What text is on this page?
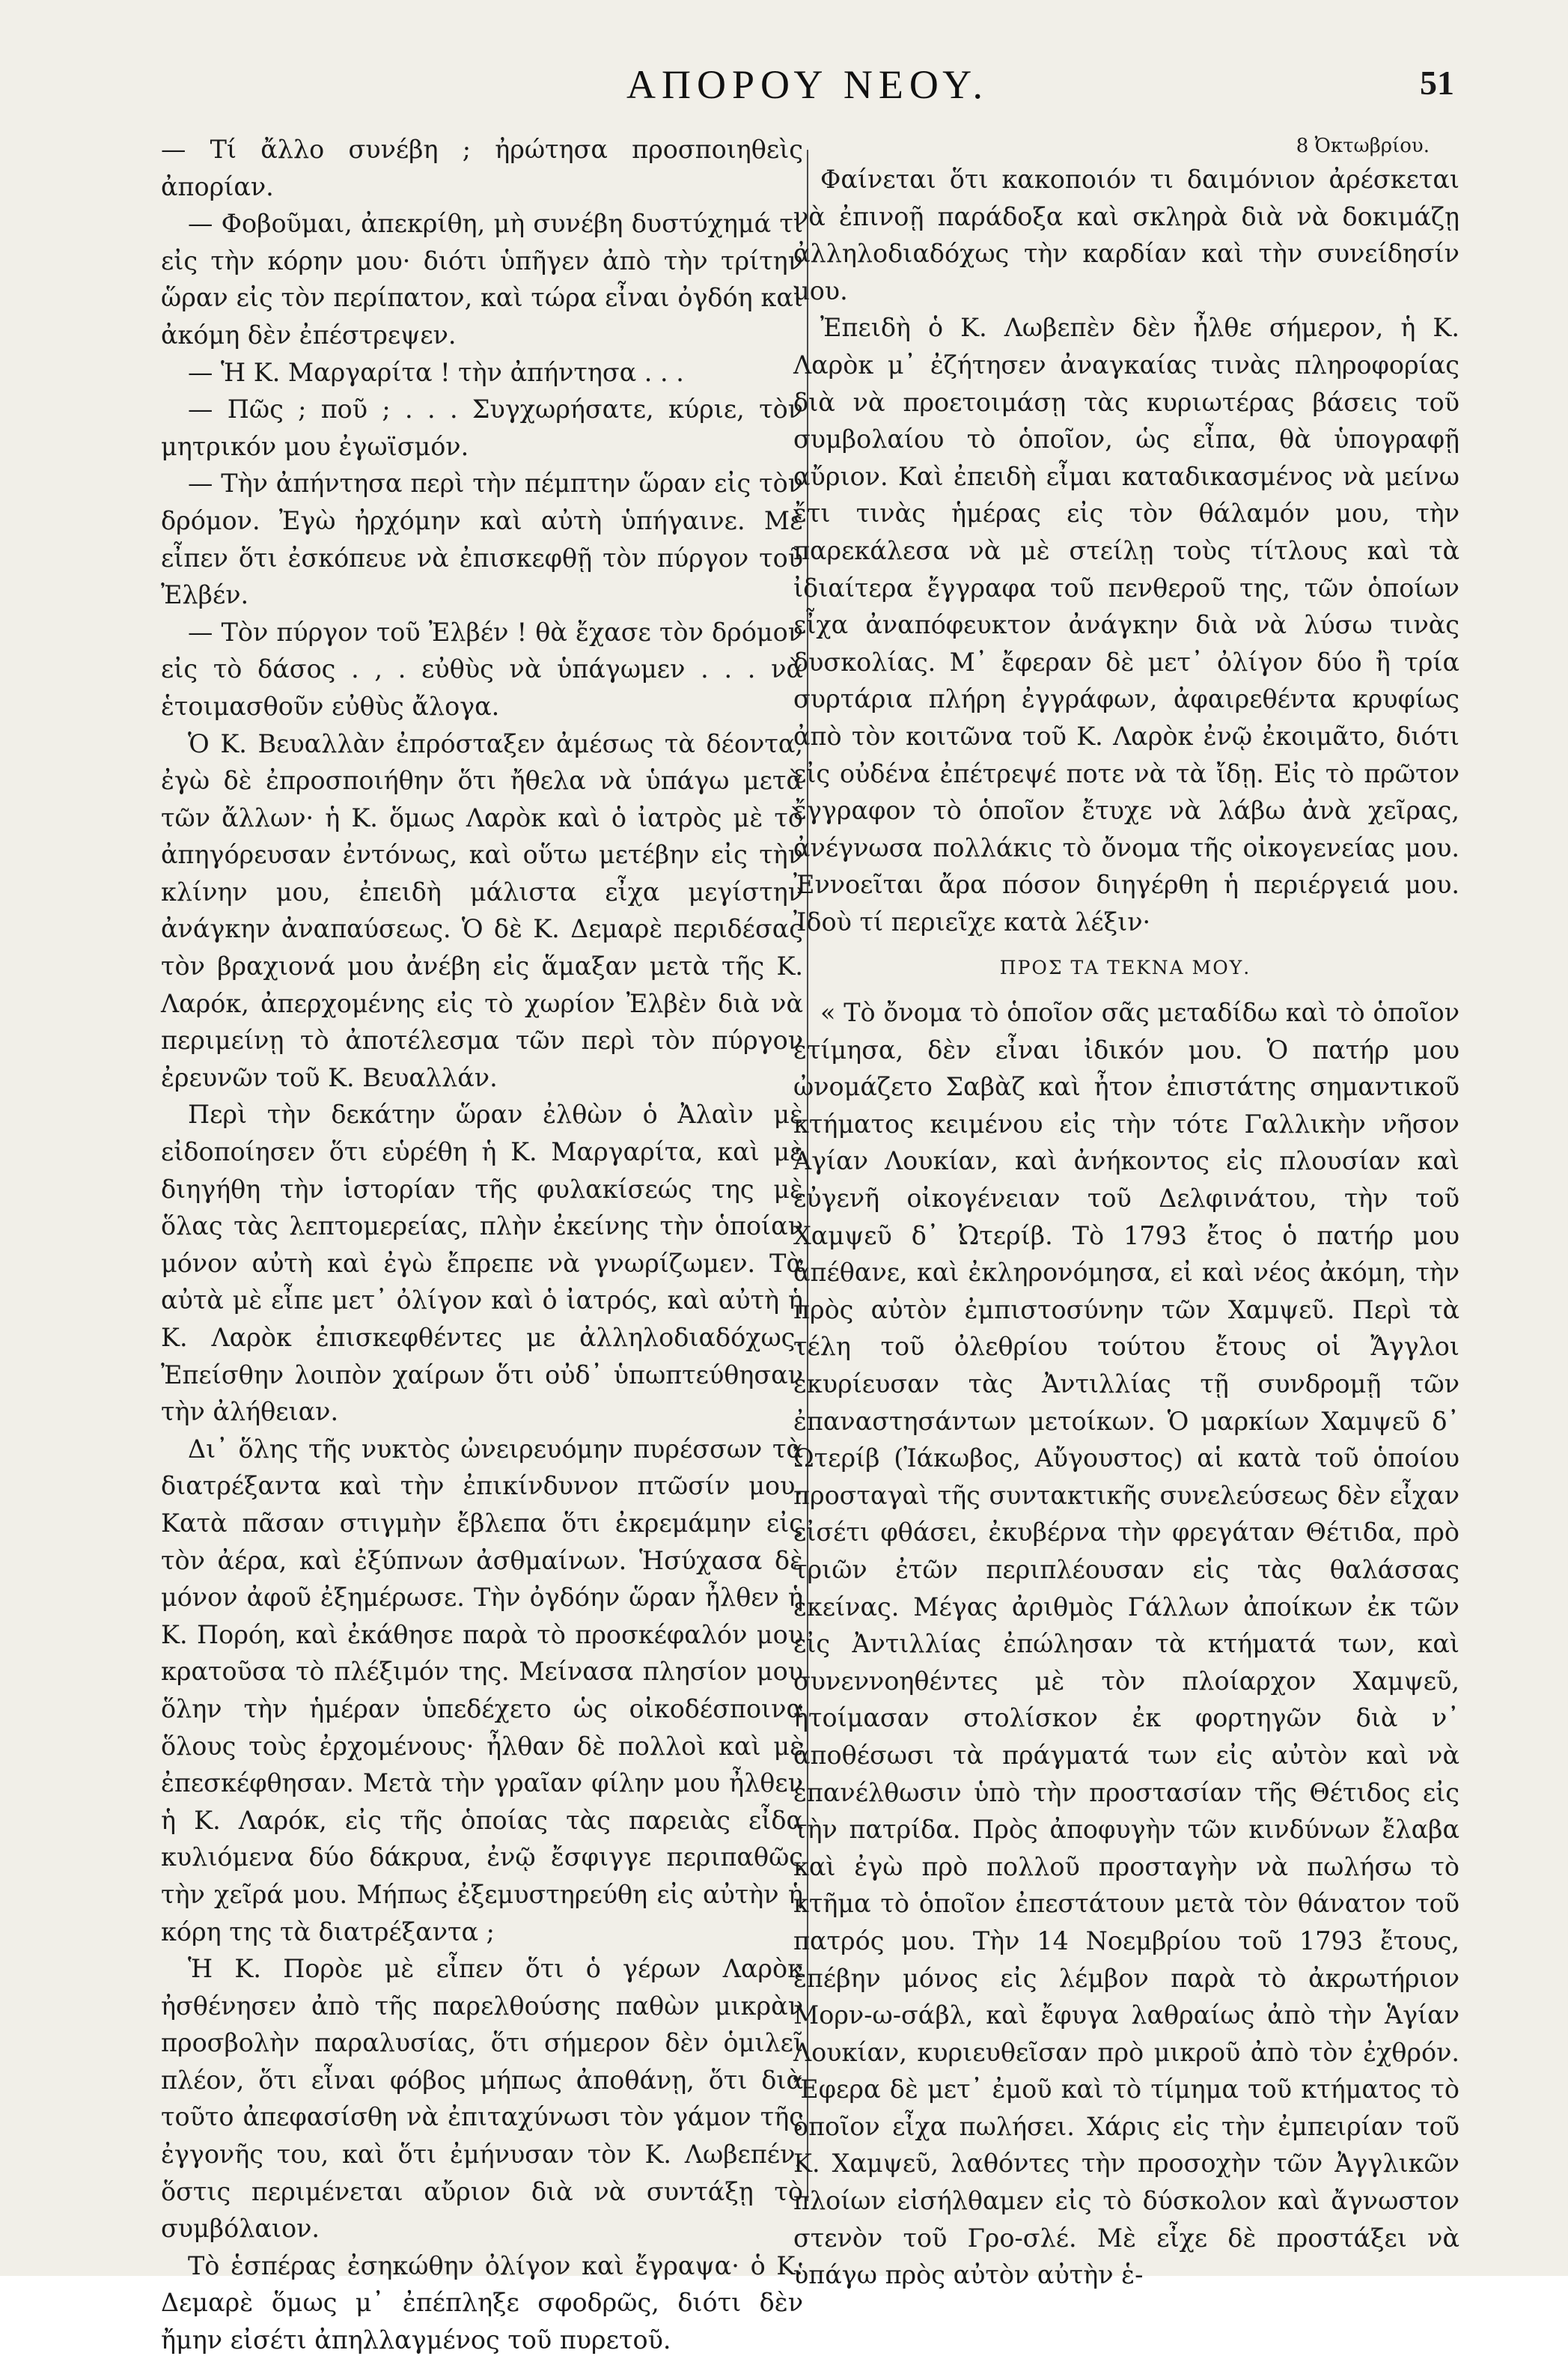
ΑΠΟΡΟΥ ΝΕΟΥ.	51

— Τί ἄλλο συνέβη ; ἠρώτησα προσποιηθεὶς ἀπορίαν.

— Φοβοῦμαι, ἀπεκρίθη, μὴ συνέβη δυστύχημά τι εἰς τὴν κόρην μου· διότι ὑπῆγεν ἀπὸ τὴν τρίτην ὥραν εἰς τὸν περίπατον, καὶ τώρα εἶναι ὀγδόη καὶ ἀκόμη δὲν ἐπέστρεψεν.

— Ἡ Κ. Μαργαρίτα ! τὴν ἀπήντησα . . .

— Πῶς ; ποῦ ; . . . Συγχωρήσατε, κύριε, τὸν μητρικόν μου ἐγωϊσμόν.

— Τὴν ἀπήντησα περὶ τὴν πέμπτην ὥραν εἰς τὸν δρόμον. Ἐγὼ ἠρχόμην καὶ αὐτὴ ὑπήγαινε. Μὲ εἶπεν ὅτι ἐσκόπευε νὰ ἐπισκεφθῇ τὸν πύργον τοῦ Ἐλβέν.

— Τὸν πύργον τοῦ Ἐλβέν ! θὰ ἔχασε τὸν δρόμον εἰς τὸ δάσος . , . εὐθὺς νὰ ὑπάγωμεν . . . νὰ ἑτοιμασθοῦν εὐθὺς ἄλογα.

Ὁ Κ. Βευαλλὰν ἐπρόσταξεν ἀμέσως τὰ δέοντα, ἐγὼ δὲ ἐπροσποιήθην ὅτι ἤθελα νὰ ὑπάγω μετὰ τῶν ἄλλων· ἡ Κ. ὅμως Λαρὸκ καὶ ὁ ἰατρὸς μὲ τὸ ἀπηγόρευσαν ἐντόνως, καὶ οὕτω μετέβην εἰς τὴν κλίνην μου, ἐπειδὴ μάλιστα εἶχα μεγίστην ἀνάγκην ἀναπαύσεως. Ὁ δὲ Κ. Δεμαρὲ περιδέσας τὸν βραχιονά μου ἀνέβη εἰς ἅμαξαν μετὰ τῆς Κ. Λαρόκ, ἀπερχομένης εἰς τὸ χωρίον Ἐλβὲν διὰ νὰ περιμείνῃ τὸ ἀποτέλεσμα τῶν περὶ τὸν πύργον ἐρευνῶν τοῦ Κ. Βευαλλάν.

Περὶ τὴν δεκάτην ὥραν ἐλθὼν ὁ Ἀλαὶν μὲ εἰδοποίησεν ὅτι εὑρέθη ἡ Κ. Μαργαρίτα, καὶ μὲ διηγήθη τὴν ἱστορίαν τῆς φυλακίσεώς της μὲ ὅλας τὰς λεπτομερείας, πλὴν ἐκείνης τὴν ὁποίαν μόνον αὐτὴ καὶ ἐγὼ ἔπρεπε νὰ γνωρίζωμεν. Τὰ αὐτὰ μὲ εἶπε μετ᾽ ὀλίγον καὶ ὁ ἰατρός, καὶ αὐτὴ ἡ Κ. Λαρὸκ ἐπισκεφθέντες με ἀλληλοδιαδόχως. Ἐπείσθην λοιπὸν χαίρων ὅτι οὐδ᾽ ὑπωπτεύθησαν τὴν ἀλήθειαν.

Δι᾽ ὅλης τῆς νυκτὸς ὠνειρευόμην πυρέσσων τὰ διατρέξαντα καὶ τὴν ἐπικίνδυνον πτῶσίν μου. Κατὰ πᾶσαν στιγμὴν ἔβλεπα ὅτι ἐκρεμάμην εἰς τὸν ἀέρα, καὶ ἐξύπνων ἀσθμαίνων. Ἡσύχασα δὲ μόνον ἀφοῦ ἐξημέρωσε. Τὴν ὀγδόην ὥραν ἦλθεν ἡ Κ. Πορόη, καὶ ἐκάθησε παρὰ τὸ προσκέφαλόν μου κρατοῦσα τὸ πλέξιμόν της. Μείνασα πλησίον μου ὅλην τὴν ἡμέραν ὑπεδέχετο ὡς οἰκοδέσποινα ὅλους τοὺς ἐρχομένους· ἦλθαν δὲ πολλοὶ καὶ μὲ ἐπεσκέφθησαν. Μετὰ τὴν γραῖαν φίλην μου ἦλθεν ἡ Κ. Λαρόκ, εἰς τῆς ὁποίας τὰς παρειὰς εἶδα κυλιόμενα δύο δάκρυα, ἐνῷ ἔσφιγγε περιπαθῶς τὴν χεῖρά μου. Μήπως ἐξεμυστηρεύθη εἰς αὐτὴν ἡ κόρη της τὰ διατρέξαντα ;

Ἡ Κ. Πορὸε μὲ εἶπεν ὅτι ὁ γέρων Λαρὸκ ἠσθένησεν ἀπὸ τῆς παρελθούσης παθὼν μικρὰν προσβολὴν παραλυσίας, ὅτι σήμερον δὲν ὁμιλεῖ πλέον, ὅτι εἶναι φόβος μήπως ἀποθάνῃ, ὅτι διὰ τοῦτο ἀπεφασίσθη νὰ ἐπιταχύνωσι τὸν γάμον τῆς ἐγγονῆς του, καὶ ὅτι ἐμήνυσαν τὸν Κ. Λωβεπέν, ὅστις περιμένεται αὔριον διὰ νὰ συντάξῃ τὸ συμβόλαιον.

Τὸ ἑσπέρας ἐσηκώθην ὀλίγον καὶ ἔγραψα· ὁ Κ. Δεμαρὲ ὅμως μ᾽ ἐπέπληξε σφοδρῶς, διότι δὲν ἤμην εἰσέτι ἀπηλλαγμένος τοῦ πυρετοῦ.

8 Ὀκτωβρίου.

Φαίνεται ὅτι κακοποιόν τι δαιμόνιον ἀρέσκεται νὰ ἐπινοῇ παράδοξα καὶ σκληρὰ διὰ νὰ δοκιμάζῃ ἀλληλοδιαδόχως τὴν καρδίαν καὶ τὴν συνείδησίν μου.

Ἐπειδὴ ὁ Κ. Λωβεπὲν δὲν ἦλθε σήμερον, ἡ Κ. Λαρὸκ μ᾽ ἐζήτησεν ἀναγκαίας τινὰς πληροφορίας διὰ νὰ προετοιμάσῃ τὰς κυριωτέρας βάσεις τοῦ συμβολαίου τὸ ὁποῖον, ὡς εἶπα, θὰ ὑπογραφῇ αὔριον. Καὶ ἐπειδὴ εἶμαι καταδικασμένος νὰ μείνω ἔτι τινὰς ἡμέρας εἰς τὸν θάλαμόν μου, τὴν παρεκάλεσα νὰ μὲ στείλῃ τοὺς τίτλους καὶ τὰ ἰδιαίτερα ἔγγραφα τοῦ πενθεροῦ της, τῶν ὁποίων εἶχα ἀναπόφευκτον ἀνάγκην διὰ νὰ λύσω τινὰς δυσκολίας. Μ᾽ ἔφεραν δὲ μετ᾽ ὀλίγον δύο ἢ τρία συρτάρια πλήρη ἐγγράφων, ἀφαιρεθέντα κρυφίως ἀπὸ τὸν κοιτῶνα τοῦ Κ. Λαρὸκ ἐνῷ ἐκοιμᾶτο, διότι εἰς οὐδένα ἐπέτρεψέ ποτε νὰ τὰ ἴδῃ. Εἰς τὸ πρῶτον ἔγγραφον τὸ ὁποῖον ἔτυχε νὰ λάβω ἀνὰ χεῖρας, ἀνέγνωσα πολλάκις τὸ ὄνομα τῆς οἰκογενείας μου. Ἐννοεῖται ἄρα πόσον διηγέρθη ἡ περιέργειά μου. Ἰδοὺ τί περιεῖχε κατὰ λέξιν·

ΠΡΟΣ ΤΑ ΤΕΚΝΑ ΜΟΥ.

« Τὸ ὄνομα τὸ ὁποῖον σᾶς μεταδίδω καὶ τὸ ὁποῖον ἐτίμησα, δὲν εἶναι ἰδικόν μου. Ὁ πατήρ μου ὠνομάζετο Σαβὰζ καὶ ἦτον ἐπιστάτης σημαντικοῦ κτήματος κειμένου εἰς τὴν τότε Γαλλικὴν νῆσον Ἁγίαν Λουκίαν, καὶ ἀνήκοντος εἰς πλουσίαν καὶ εὐγενῆ οἰκογένειαν τοῦ Δελφινάτου, τὴν τοῦ Χαμψεῦ δ᾽ Ὠτερίβ. Τὸ 1793 ἔτος ὁ πατήρ μου ἀπέθανε, καὶ ἐκληρονόμησα, εἰ καὶ νέος ἀκόμη, τὴν πρὸς αὐτὸν ἐμπιστοσύνην τῶν Χαμψεῦ. Περὶ τὰ τέλη τοῦ ὀλεθρίου τούτου ἔτους οἱ Ἄγγλοι ἐκυρίευσαν τὰς Ἀντιλλίας τῇ συνδρομῇ τῶν ἐπαναστησάντων μετοίκων. Ὁ μαρκίων Χαμψεῦ δ᾽ Ὠτερίβ (Ἰάκωβος, Αὔγουστος) αἱ κατὰ τοῦ ὁποίου προσταγαὶ τῆς συντακτικῆς συνελεύσεως δὲν εἶχαν εἰσέτι φθάσει, ἐκυβέρνα τὴν φρεγάταν Θέτιδα, πρὸ τριῶν ἐτῶν περιπλέουσαν εἰς τὰς θαλάσσας ἐκείνας. Μέγας ἀριθμὸς Γάλλων ἀποίκων ἐκ τῶν εἰς Ἀντιλλίας ἐπώλησαν τὰ κτήματά των, καὶ συνεννοηθέντες μὲ τὸν πλοίαρχον Χαμψεῦ, ἡτοίμασαν στολίσκον ἐκ φορτηγῶν διὰ ν᾽ ἀποθέσωσι τὰ πράγματά των εἰς αὐτὸν καὶ νὰ ἐπανέλθωσιν ὑπὸ τὴν προστασίαν τῆς Θέτιδος εἰς τὴν πατρίδα. Πρὸς ἀποφυγὴν τῶν κινδύνων ἔλαβα καὶ ἐγὼ πρὸ πολλοῦ προσταγὴν νὰ πωλήσω τὸ κτῆμα τὸ ὁποῖον ἐπεστάτουν μετὰ τὸν θάνατον τοῦ πατρός μου. Τὴν 14 Νοεμβρίου τοῦ 1793 ἔτους, ἐπέβην μόνος εἰς λέμβον παρὰ τὸ ἀκρωτήριον Μορν-ω-σάβλ, καὶ ἔφυγα λαθραίως ἀπὸ τὴν Ἁγίαν Λουκίαν, κυριευθεῖσαν πρὸ μικροῦ ἀπὸ τὸν ἐχθρόν. Ἔφερα δὲ μετ᾽ ἐμοῦ καὶ τὸ τίμημα τοῦ κτήματος τὸ ὁποῖον εἶχα πωλήσει. Χάρις εἰς τὴν ἐμπειρίαν τοῦ Κ. Χαμψεῦ, λαθόντες τὴν προσοχὴν τῶν Ἀγγλικῶν πλοίων εἰσήλθαμεν εἰς τὸ δύσκολον καὶ ἄγνωστον στενὸν τοῦ Γρο-σλέ. Μὲ εἶχε δὲ προστάξει νὰ ὑπάγω πρὸς αὐτὸν αὐτὴν ἑ-
